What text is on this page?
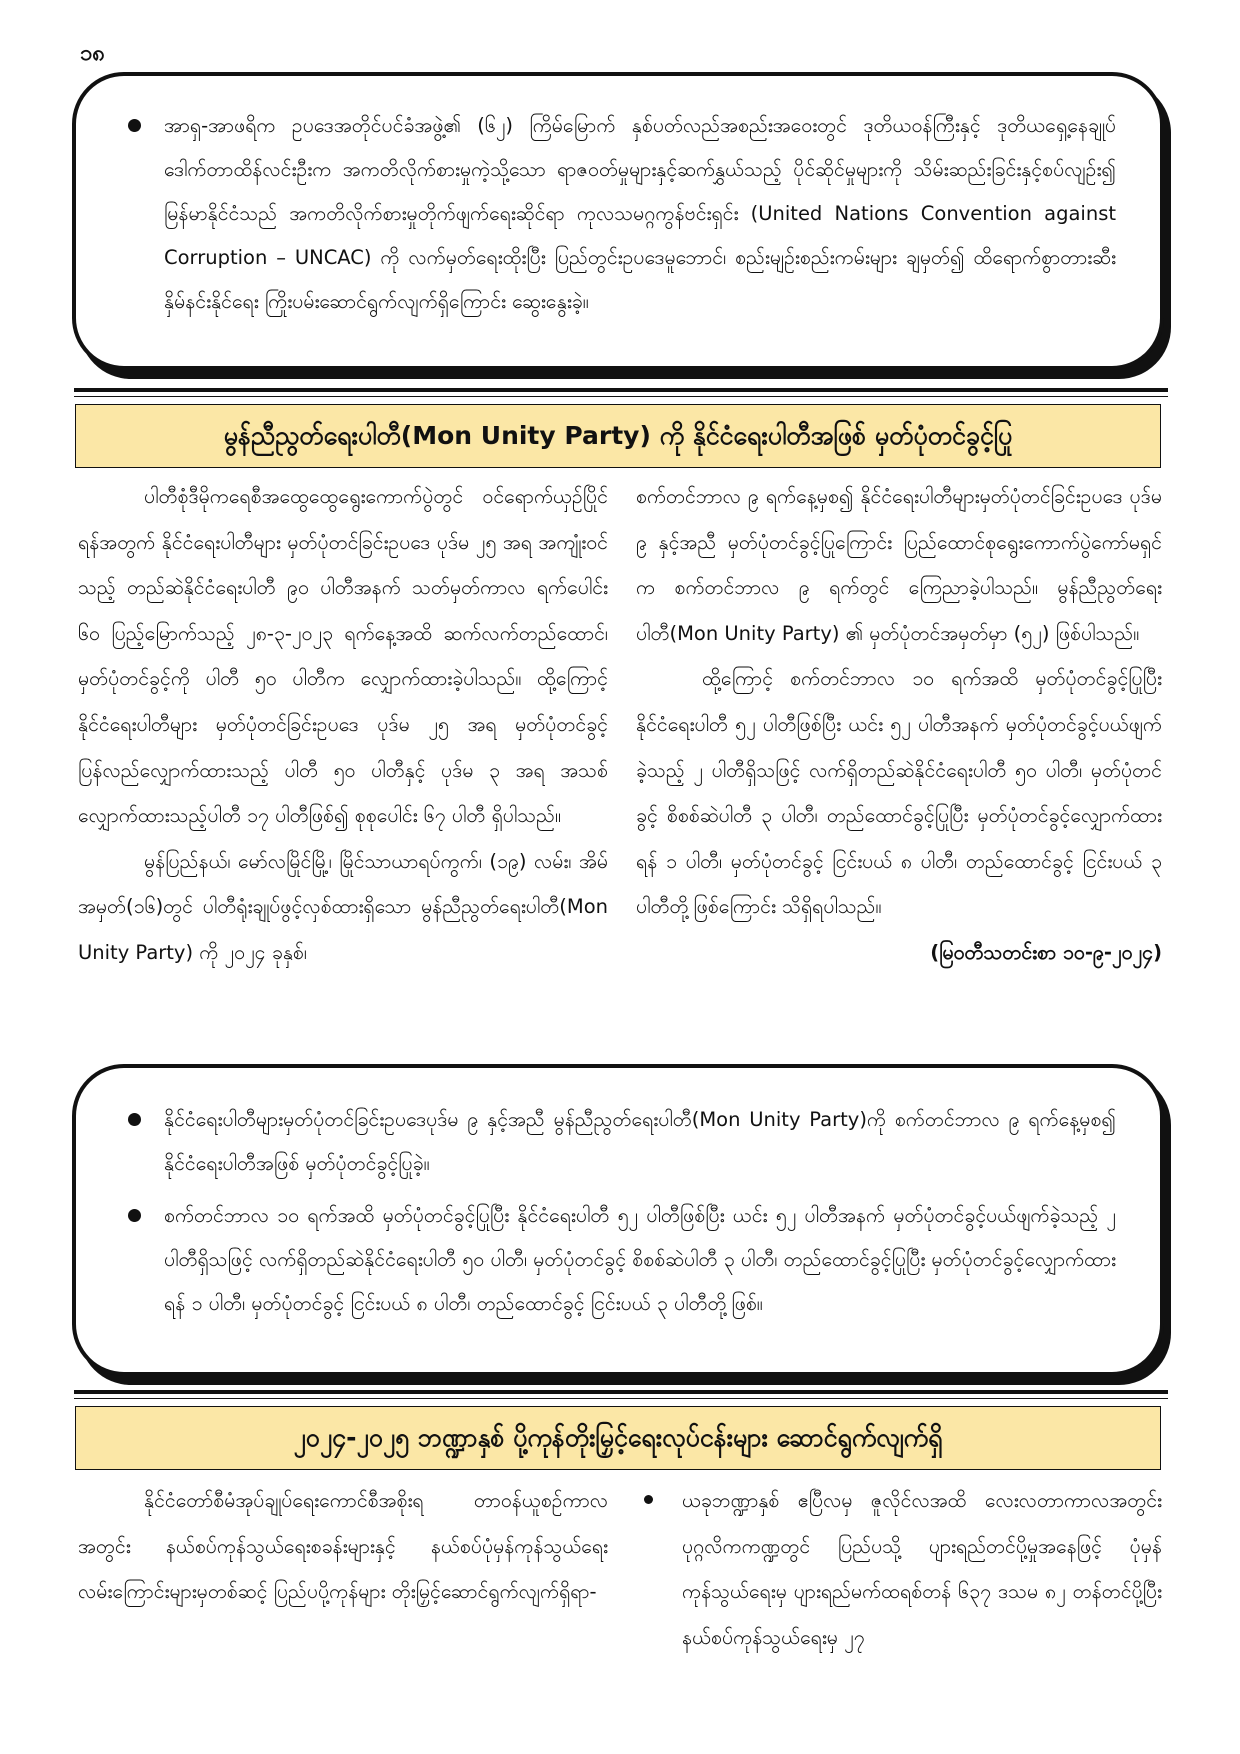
၁၈
အာရှ-အာဖရိက ဥပဒေအတိုင်ပင်ခံအဖွဲ့၏ (၆၂) ကြိမ်မြောက် နှစ်ပတ်လည်အစည်းအဝေးတွင် ဒုတိယဝန်ကြီးနှင့် ဒုတိယရှေ့နေချုပ် ဒေါက်တာထိန်လင်းဦးက အကတိလိုက်စားမှုကဲ့သို့သော ရာဇဝတ်မှုများနှင့်ဆက်နွှယ်သည့် ပိုင်ဆိုင်မှုများကို သိမ်းဆည်းခြင်းနှင့်စပ်လျဉ်း၍ မြန်မာနိုင်ငံသည် အကတိလိုက်စားမှုတိုက်ဖျက်ရေးဆိုင်ရာ ကုလသမဂ္ဂကွန်ဗင်းရှင်း (United Nations Convention against Corruption – UNCAC) ကို လက်မှတ်ရေးထိုးပြီး ပြည်တွင်းဥပဒေမူဘောင်၊ စည်းမျဉ်းစည်းကမ်းများ ချမှတ်၍ ထိရောက်စွာတားဆီးနှိမ်နင်းနိုင်ရေး ကြိုးပမ်းဆောင်ရွက်လျက်ရှိကြောင်း ဆွေးနွေးခဲ့။
မွန်ညီညွတ်ရေးပါတီ(Mon Unity Party) ကို နိုင်ငံရေးပါတီအဖြစ် မှတ်ပုံတင်ခွင့်ပြု

ပါတီစုံဒီမိုကရေစီအထွေထွေရွေးကောက်ပွဲတွင် ဝင်ရောက်ယှဉ်ပြိုင်ရန်အတွက် နိုင်ငံရေးပါတီများ မှတ်ပုံတင်ခြင်းဥပဒေ ပုဒ်မ ၂၅ အရ အကျုံးဝင်သည့် တည်ဆဲနိုင်ငံရေးပါတီ ၉၀ ပါတီအနက် သတ်မှတ်ကာလ ရက်ပေါင်း ၆၀ ပြည့်မြောက်သည့် ၂၈-၃-၂၀၂၃ ရက်နေ့အထိ ဆက်လက်တည်ထောင်၊ မှတ်ပုံတင်ခွင့်ကို ပါတီ ၅၀ ပါတီက လျှောက်ထားခဲ့ပါသည်။ ထို့ကြောင့် နိုင်ငံရေးပါတီများ မှတ်ပုံတင်ခြင်းဥပဒေ ပုဒ်မ ၂၅ အရ မှတ်ပုံတင်ခွင့် ပြန်လည်လျှောက်ထားသည့် ပါတီ ၅၀ ပါတီနှင့် ပုဒ်မ ၃ အရ အသစ်လျှောက်ထားသည့်ပါတီ ၁၇ ပါတီဖြစ်၍ စုစုပေါင်း ၆၇ ပါတီ ရှိပါသည်။

မွန်ပြည်နယ်၊ မော်လမြိုင်မြို့၊ မြိုင်သာယာရပ်ကွက်၊ (၁၉) လမ်း၊ အိမ်အမှတ်(၁၆)တွင် ပါတီရုံးချုပ်ဖွင့်လှစ်ထားရှိသော မွန်ညီညွတ်ရေးပါတီ(Mon Unity Party) ကို ၂၀၂၄ ခုနှစ်၊

စက်တင်ဘာလ ၉ ရက်နေ့မှစ၍ နိုင်ငံရေးပါတီများမှတ်ပုံတင်ခြင်းဥပဒေ ပုဒ်မ ၉ နှင့်အညီ မှတ်ပုံတင်ခွင့်ပြုကြောင်း ပြည်ထောင်စုရွေးကောက်ပွဲကော်မရှင်က စက်တင်ဘာလ ၉ ရက်တွင် ကြေညာခဲ့ပါသည်။ မွန်ညီညွတ်ရေးပါတီ(Mon Unity Party) ၏ မှတ်ပုံတင်အမှတ်မှာ (၅၂) ဖြစ်ပါသည်။

ထို့ကြောင့် စက်တင်ဘာလ ၁၀ ရက်အထိ မှတ်ပုံတင်ခွင့်ပြုပြီး နိုင်ငံရေးပါတီ ၅၂ ပါတီဖြစ်ပြီး ယင်း ၅၂ ပါတီအနက် မှတ်ပုံတင်ခွင့်ပယ်ဖျက်ခဲ့သည့် ၂ ပါတီရှိသဖြင့် လက်ရှိတည်ဆဲနိုင်ငံရေးပါတီ ၅၀ ပါတီ၊ မှတ်ပုံတင်ခွင့် စိစစ်ဆဲပါတီ ၃ ပါတီ၊ တည်ထောင်ခွင့်ပြုပြီး မှတ်ပုံတင်ခွင့်လျှောက်ထားရန် ၁ ပါတီ၊ မှတ်ပုံတင်ခွင့် ငြင်းပယ် ၈ ပါတီ၊ တည်ထောင်ခွင့် ငြင်းပယ် ၃ ပါတီတို့ဖြစ်ကြောင်း သိရှိရပါသည်။

(မြဝတီသတင်းစာ ၁၀-၉-၂၀၂၄)

နိုင်ငံရေးပါတီများမှတ်ပုံတင်ခြင်းဥပဒေပုဒ်မ ၉ နှင့်အညီ မွန်ညီညွတ်ရေးပါတီ(Mon Unity Party)ကို စက်တင်ဘာလ ၉ ရက်နေ့မှစ၍ နိုင်ငံရေးပါတီအဖြစ် မှတ်ပုံတင်ခွင့်ပြုခဲ့။
စက်တင်ဘာလ ၁၀ ရက်အထိ မှတ်ပုံတင်ခွင့်ပြုပြီး နိုင်ငံရေးပါတီ ၅၂ ပါတီဖြစ်ပြီး ယင်း ၅၂ ပါတီအနက် မှတ်ပုံတင်ခွင့်ပယ်ဖျက်ခဲ့သည့် ၂ ပါတီရှိသဖြင့် လက်ရှိတည်ဆဲနိုင်ငံရေးပါတီ ၅၀ ပါတီ၊ မှတ်ပုံတင်ခွင့် စိစစ်ဆဲပါတီ ၃ ပါတီ၊ တည်ထောင်ခွင့်ပြုပြီး မှတ်ပုံတင်ခွင့်လျှောက်ထားရန် ၁ ပါတီ၊ မှတ်ပုံတင်ခွင့် ငြင်းပယ် ၈ ပါတီ၊ တည်ထောင်ခွင့် ငြင်းပယ် ၃ ပါတီတို့ဖြစ်။
၂၀၂၄-၂၀၂၅ ဘဏ္ဍာနှစ် ပို့ကုန်တိုးမြှင့်ရေးလုပ်ငန်းများ ဆောင်ရွက်လျက်ရှိ

နိုင်ငံတော်စီမံအုပ်ချုပ်ရေးကောင်စီအစိုးရ တာဝန်ယူစဉ်ကာလအတွင်း နယ်စပ်ကုန်သွယ်ရေးစခန်းများနှင့် နယ်စပ်ပုံမှန်ကုန်သွယ်ရေးလမ်းကြောင်းများမှတစ်ဆင့် ပြည်ပပို့ကုန်များ တိုးမြှင့်ဆောင်ရွက်လျက်ရှိရာ-

ယခုဘဏ္ဍာနှစ် ဧပြီလမှ ဇူလိုင်လအထိ လေးလတာကာလအတွင်း ပုဂ္ဂလိကကဏ္ဍတွင် ပြည်ပသို့ ပျားရည်တင်ပို့မှုအနေဖြင့် ပုံမှန်ကုန်သွယ်ရေးမှ ပျားရည်မက်ထရစ်တန် ၆၃၇ ဒသမ ၈၂ တန်တင်ပို့ပြီး နယ်စပ်ကုန်သွယ်ရေးမှ ၂၇
